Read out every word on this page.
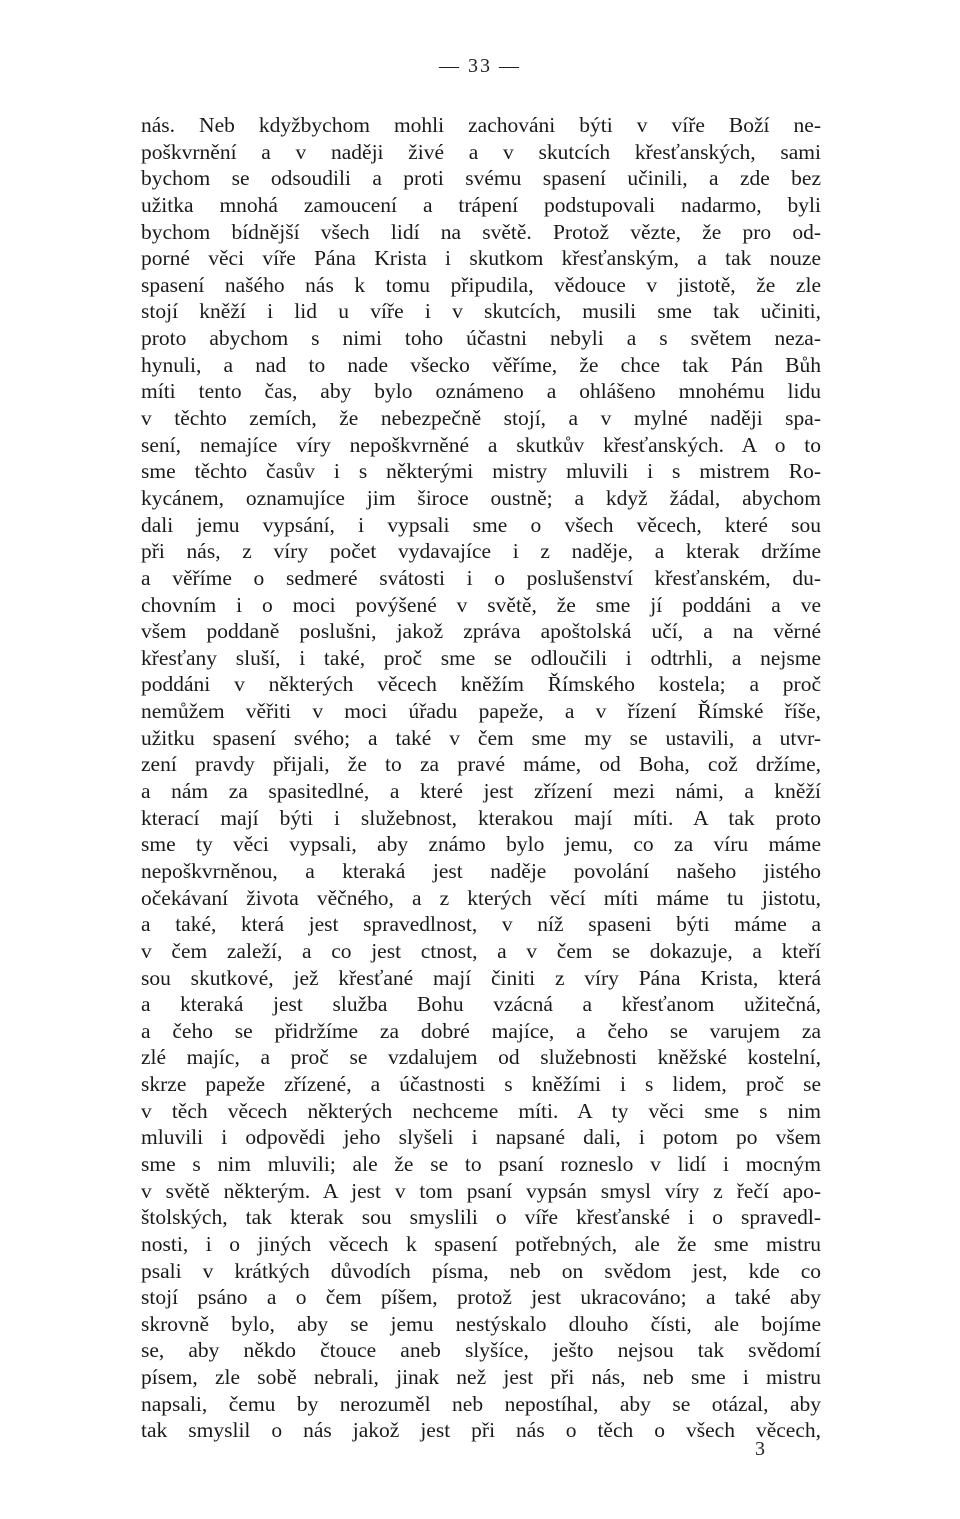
— 33 —
nás. Neb kdyžbychom mohli zachováni býti v víře Boží ne-
poškvrnění a v naději živé a v skutcích křesťanských, sami
bychom se odsoudili a proti svému spasení učinili, a zde bez
užitka mnohá zamoucení a trápení podstupovali nadarmo, byli
bychom bídnější všech lidí na světě. Protož vězte, že pro od-
porné věci víře Pána Krista i skutkom křesťanským, a tak nouze
spasení našého nás k tomu připudila, vědouce v jistotě, že zle
stojí kněží i lid u víře i v skutcích, musili sme tak učiniti,
proto abychom s nimi toho účastni nebyli a s světem neza-
hynuli, a nad to nade všecko věříme, že chce tak Pán Bůh
míti tento čas, aby bylo oznámeno a ohlášeno mnohému lidu
v těchto zemích, že nebezpečně stojí, a v mylné naději spa-
sení, nemajíce víry nepoškvrněné a skutkův křesťanských. A o to
sme těchto časův i s některými mistry mluvili i s mistrem Ro-
kycánem, oznamujíce jim široce oustně; a když žádal, abychom
dali jemu vypsání, i vypsali sme o všech věcech, které sou
při nás, z víry počet vydavajíce i z naděje, a kterak držíme
a věříme o sedmeré svátosti i o poslušenství křesťanském, du-
chovním i o moci povýšené v světě, že sme jí poddáni a ve
všem poddaně poslušni, jakož zpráva apoštolská učí, a na věrné
křesťany sluší, i také, proč sme se odloučili i odtrhli, a nejsme
poddáni v některých věcech kněžím Římského kostela; a proč
nemůžem věřiti v moci úřadu papeže, a v řízení Římské říše,
užitku spasení svého; a také v čem sme my se ustavili, a utvr-
zení pravdy přijali, že to za pravé máme, od Boha, což držíme,
a nám za spasitedlné, a které jest zřízení mezi námi, a kněží
kterací mají býti i služebnost, kterakou mají míti. A tak proto
sme ty věci vypsali, aby známo bylo jemu, co za víru máme
nepoškvrněnou, a kteraká jest naděje povolání našeho jistého
očekávaní života věčného, a z kterých věcí míti máme tu jistotu,
a také, která jest spravedlnost, v níž spaseni býti máme a
v čem zaleží, a co jest ctnost, a v čem se dokazuje, a kteří
sou skutkové, jež křesťané mají činiti z víry Pána Krista, která
a kteraká jest služba Bohu vzácná a křesťanom užitečná,
a čeho se přidržíme za dobré majíce, a čeho se varujem za
zlé majíc, a proč se vzdalujem od služebnosti kněžské kostelní,
skrze papeže zřízené, a účastnosti s kněžími i s lidem, proč se
v těch věcech některých nechceme míti. A ty věci sme s nim
mluvili i odpovědi jeho slyšeli i napsané dali, i potom po všem
sme s nim mluvili; ale že se to psaní rozneslo v lidí i mocným
v světě některým. A jest v tom psaní vypsán smysl víry z řečí apo-
štolských, tak kterak sou smyslili o víře křesťanské i o spravedl-
nosti, i o jiných věcech k spasení potřebných, ale že sme mistru
psali v krátkých důvodích písma, neb on svědom jest, kde co
stojí psáno a o čem píšem, protož jest ukracováno; a také aby
skrovně bylo, aby se jemu nestýskalo dlouho čísti, ale bojíme
se, aby někdo čtouce aneb slyšíce, ješto nejsou tak svědomí
písem, zle sobě nebrali, jinak než jest při nás, neb sme i mistru
napsali, čemu by nerozuměl neb nepostíhal, aby se otázal, aby
tak smyslil o nás jakož jest při nás o těch o všech věcech,
3
